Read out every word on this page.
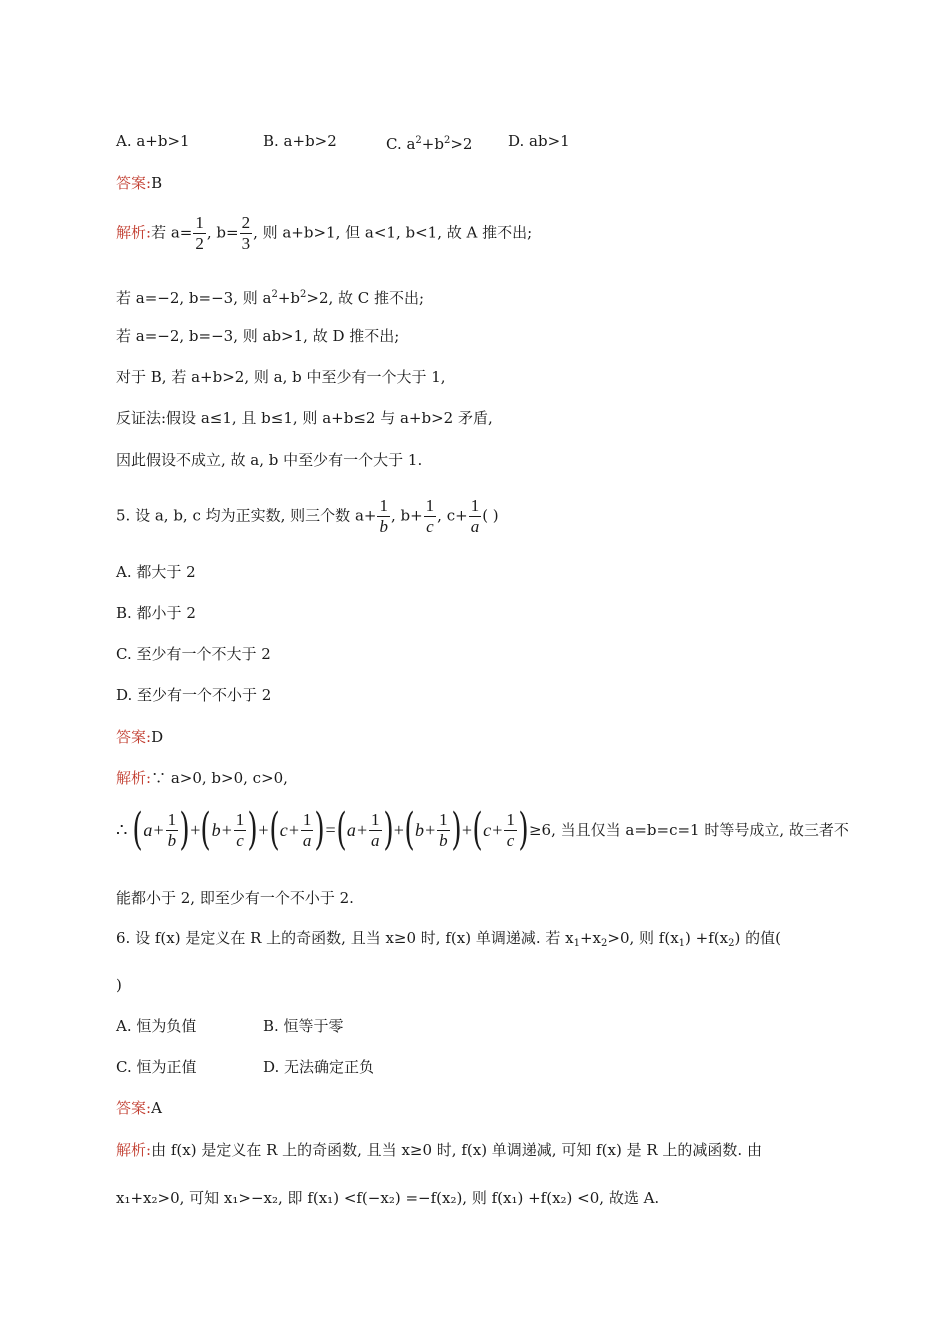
A. a+b>1	B. a+b>2	C. $a^2+b^2>2$ D. ab>1
答案:B
解析:若 $a= \frac{1}{2}$ , $b= \frac{2}{3}$ , 则 a+b>1, 但 a<1, b<1, 故 A 推不出;
若 a=−2, b=−3, 则 $a^2+b^2>2$, 故 C 推不出;
若 a=−2, b=−3, 则 ab>1, 故 D 推不出;
对于 B, 若 a+b>2, 则 a, b 中至少有一个大于 1,
反证法:假设 a≤1, 且 b≤1, 则 a+b≤2 与 a+b>2 矛盾,
因此假设不成立, 故 a, b 中至少有一个大于 1.
5. 设 a, b, c 均为正实数, 则三个数 $a+ \frac{1}{b}$ , $b+ \frac{1}{c}$ , $c+ \frac{1}{a}$ ( )
A. 都大于 2
B. 都小于 2
C. 至少有一个不大于 2
D. 至少有一个不小于 2
答案:D
解析:∵ a>0, b>0, c>0,
∴ $(a+ \frac{1}{b} )+(b+ \frac{1}{c} )+(c+ \frac{1}{a} )=(a+ \frac{1}{a} )+(b+ \frac{1}{b} )+(c+ \frac{1}{c} )\ge 6$, 当且仅当 a=b=c=1 时等号成立, 故三者不
能都小于 2, 即至少有一个不小于 2.
6. 设 f(x) 是定义在 R 上的奇函数, 且当 x≥0 时, f(x) 单调递减. 若 $x_1+x_2>0$, 则 $f(x_1) +f(x_2)$ 的值(
)
A. 恒为负值	B. 恒等于零
C. 恒为正值	D. 无法确定正负
答案:A
解析:由 f(x) 是定义在 R 上的奇函数, 且当 x≥0 时, f(x) 单调递减, 可知 f(x) 是 R 上的减函数. 由
x₁+x₂>0, 可知 x₁>−x₂, 即 f(x₁) <f(−x₂) =−f(x₂), 则 f(x₁) +f(x₂) <0, 故选 A.
